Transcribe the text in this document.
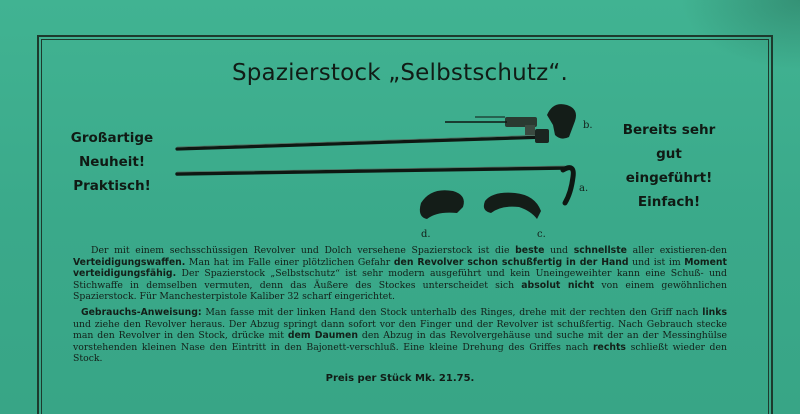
Spazierstock „Selbstschutz“.
Großartige
Neuheit!
Praktisch!
Bereits sehr
gut eingeführt!
Einfach!
b.
a.
d.	c.

Der mit einem sechsschüssigen Revolver und Dolch versehene Spazierstock ist die beste und schnellste aller existieren-den Verteidigungswaffen. Man hat im Falle einer plötzlichen Gefahr den Revolver schon schußfertig in der Hand und ist im Moment verteidigungsfähig. Der Spazierstock „Selbstschutz“ ist sehr modern ausgeführt und kein Uneingeweihter kann eine Schuß- und Stichwaffe in demselben vermuten, denn das Äußere des Stockes unterscheidet sich absolut nicht von einem gewöhnlichen Spazierstock. Für Manchesterpistole Kaliber 32 scharf eingerichtet.

Gebrauchs-Anweisung: Man fasse mit der linken Hand den Stock unterhalb des Ringes, drehe mit der rechten den Griff nach links und ziehe den Revolver heraus. Der Abzug springt dann sofort vor den Finger und der Revolver ist schußfertig. Nach Gebrauch stecke man den Revolver in den Stock, drücke mit dem Daumen den Abzug in das Revolvergehäuse und suche mit der an der Messinghülse vorstehenden kleinen Nase den Eintritt in den Bajonett-verschluß. Eine kleine Drehung des Griffes nach rechts schließt wieder den Stock.

Preis per Stück Mk. 21.75.
